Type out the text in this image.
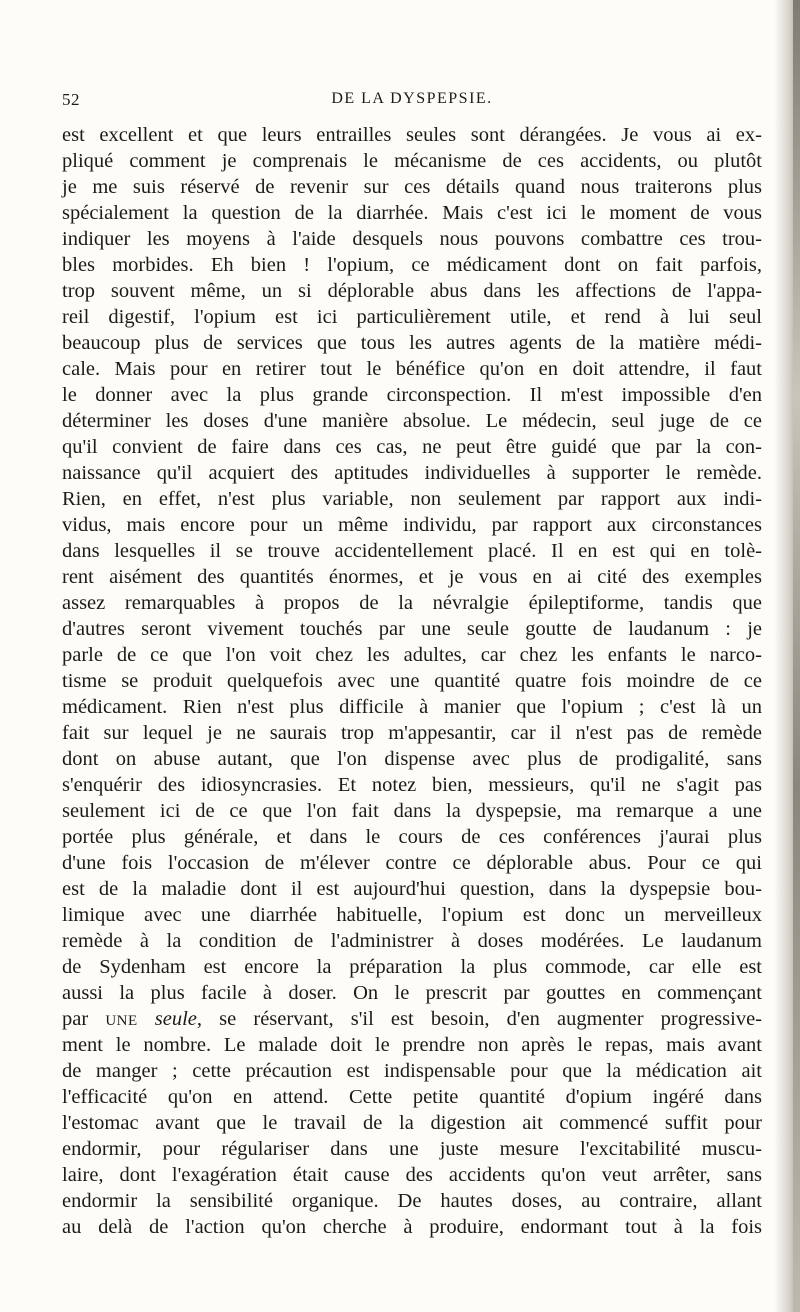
52	DE LA DYSPEPSIE.
est excellent et que leurs entrailles seules sont dérangées. Je vous ai ex-
pliqué comment je comprenais le mécanisme de ces accidents, ou plutôt
je me suis réservé de revenir sur ces détails quand nous traiterons plus
spécialement la question de la diarrhée. Mais c'est ici le moment de vous
indiquer les moyens à l'aide desquels nous pouvons combattre ces trou-
bles morbides. Eh bien ! l'opium, ce médicament dont on fait parfois,
trop souvent même, un si déplorable abus dans les affections de l'appa-
reil digestif, l'opium est ici particulièrement utile, et rend à lui seul
beaucoup plus de services que tous les autres agents de la matière médi-
cale. Mais pour en retirer tout le bénéfice qu'on en doit attendre, il faut
le donner avec la plus grande circonspection. Il m'est impossible d'en
déterminer les doses d'une manière absolue. Le médecin, seul juge de ce
qu'il convient de faire dans ces cas, ne peut être guidé que par la con-
naissance qu'il acquiert des aptitudes individuelles à supporter le remède.
Rien, en effet, n'est plus variable, non seulement par rapport aux indi-
vidus, mais encore pour un même individu, par rapport aux circonstances
dans lesquelles il se trouve accidentellement placé. Il en est qui en tolè-
rent aisément des quantités énormes, et je vous en ai cité des exemples
assez remarquables à propos de la névralgie épileptiforme, tandis que
d'autres seront vivement touchés par une seule goutte de laudanum : je
parle de ce que l'on voit chez les adultes, car chez les enfants le narco-
tisme se produit quelquefois avec une quantité quatre fois moindre de ce
médicament. Rien n'est plus difficile à manier que l'opium ; c'est là un
fait sur lequel je ne saurais trop m'appesantir, car il n'est pas de remède
dont on abuse autant, que l'on dispense avec plus de prodigalité, sans
s'enquérir des idiosyncrasies. Et notez bien, messieurs, qu'il ne s'agit pas
seulement ici de ce que l'on fait dans la dyspepsie, ma remarque a une
portée plus générale, et dans le cours de ces conférences j'aurai plus
d'une fois l'occasion de m'élever contre ce déplorable abus. Pour ce qui
est de la maladie dont il est aujourd'hui question, dans la dyspepsie bou-
limique avec une diarrhée habituelle, l'opium est donc un merveilleux
remède à la condition de l'administrer à doses modérées. Le laudanum
de Sydenham est encore la préparation la plus commode, car elle est
aussi la plus facile à doser. On le prescrit par gouttes en commençant
par UNE seule, se réservant, s'il est besoin, d'en augmenter progressive-
ment le nombre. Le malade doit le prendre non après le repas, mais avant
de manger ; cette précaution est indispensable pour que la médication ait
l'efficacité qu'on en attend. Cette petite quantité d'opium ingéré dans
l'estomac avant que le travail de la digestion ait commencé suffit pour
endormir, pour régulariser dans une juste mesure l'excitabilité muscu-
laire, dont l'exagération était cause des accidents qu'on veut arrêter, sans
endormir la sensibilité organique. De hautes doses, au contraire, allant
au delà de l'action qu'on cherche à produire, endormant tout à la fois
